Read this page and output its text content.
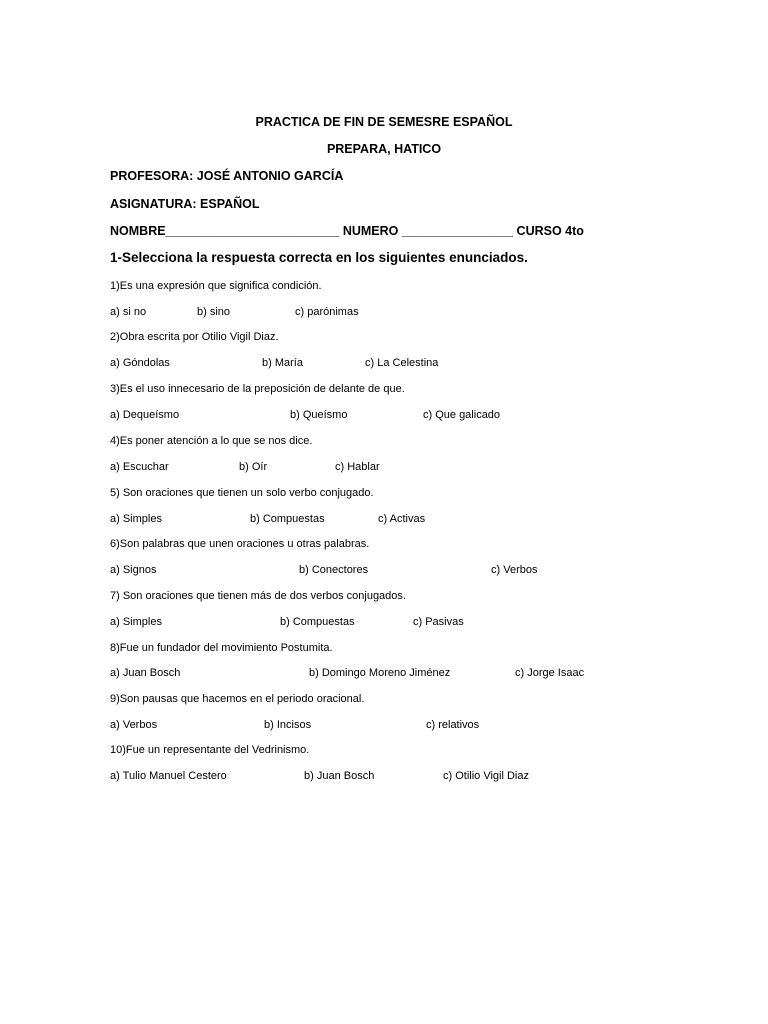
PRACTICA DE FIN DE SEMESRE ESPAÑOL
PREPARA, HATICO
PROFESORA: JOSÉ ANTONIO GARCÍA
ASIGNATURA: ESPAÑOL
NOMBRE_________________________ NUMERO ________________ CURSO 4to
1-Selecciona la respuesta correcta en los siguientes enunciados.
1)Es una expresión que significa condición.
a) si no	b) sino	c) parónimas
2)Obra escrita por Otilio Vigil Diaz.
a) Góndolas	b) María	c) La Celestina
3)Es el uso innecesario de la preposición de delante de que.
a) Dequeísmo	b) Queísmo	c) Que galicado
4)Es poner atención a lo que se nos dice.
a) Escuchar	b) Oír	c) Hablar
5) Son oraciones que tienen un solo verbo conjugado.
a) Simples	b) Compuestas	c) Activas
6)Son palabras que unen oraciones u otras palabras.
a) Signos	b) Conectores	c) Verbos
7) Son oraciones que tienen más de dos verbos conjugados.
a) Simples	b) Compuestas	c) Pasivas
8)Fue un fundador del movimiento Postumita.
a) Juan Bosch	b) Domingo Moreno Jiménez	c) Jorge Isaac
9)Son pausas que hacemos en el periodo oracional.
a) Verbos	b) Incisos	c) relativos
10)Fue un representante del Vedrinismo.
a) Tulio Manuel Cestero	b) Juan Bosch	c) Otilio Vigil Diaz
